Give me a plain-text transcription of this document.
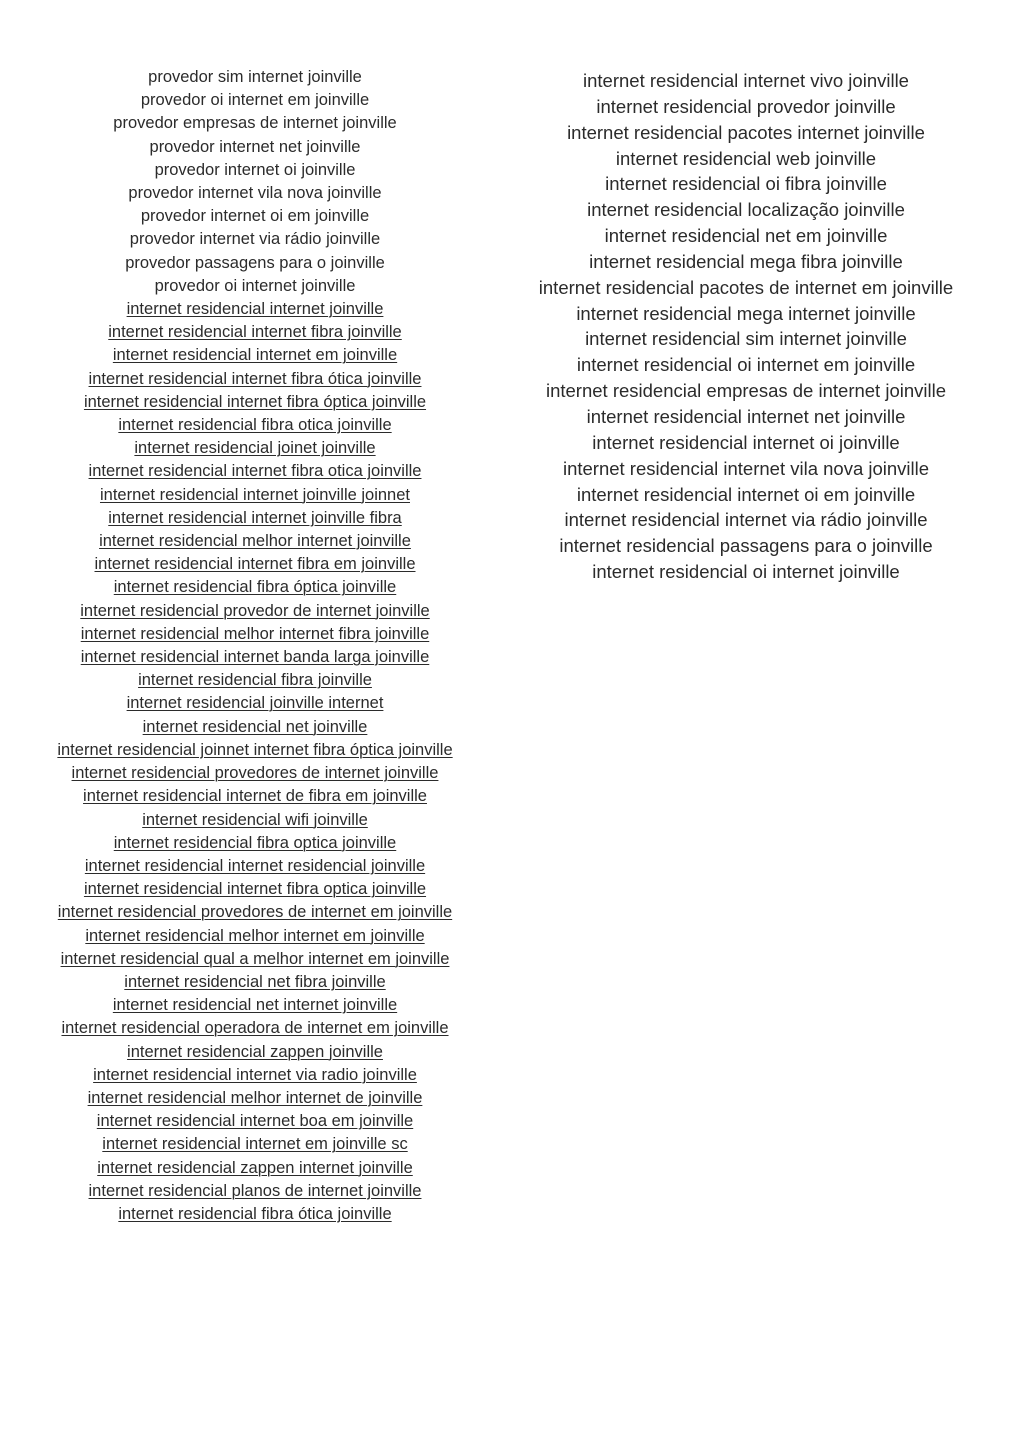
provedor sim internet joinville
provedor oi internet em joinville
provedor empresas de internet joinville
provedor internet net joinville
provedor internet oi joinville
provedor internet vila nova joinville
provedor internet oi em joinville
provedor internet via rádio joinville
provedor passagens para o joinville
provedor oi internet joinville
internet residencial internet joinville
internet residencial internet fibra joinville
internet residencial internet em joinville
internet residencial internet fibra ótica joinville
internet residencial internet fibra óptica joinville
internet residencial fibra otica joinville
internet residencial joinet joinville
internet residencial internet fibra otica joinville
internet residencial internet joinville joinnet
internet residencial internet joinville fibra
internet residencial melhor internet joinville
internet residencial internet fibra em joinville
internet residencial fibra óptica joinville
internet residencial provedor de internet joinville
internet residencial melhor internet fibra joinville
internet residencial internet banda larga joinville
internet residencial fibra joinville
internet residencial joinville internet
internet residencial net joinville
internet residencial joinnet internet fibra óptica joinville
internet residencial provedores de internet joinville
internet residencial internet de fibra em joinville
internet residencial wifi joinville
internet residencial fibra optica joinville
internet residencial internet residencial joinville
internet residencial internet fibra optica joinville
internet residencial provedores de internet em joinville
internet residencial melhor internet em joinville
internet residencial qual a melhor internet em joinville
internet residencial net fibra joinville
internet residencial net internet joinville
internet residencial operadora de internet em joinville
internet residencial zappen joinville
internet residencial internet via radio joinville
internet residencial melhor internet de joinville
internet residencial internet boa em joinville
internet residencial internet em joinville sc
internet residencial zappen internet joinville
internet residencial planos de internet joinville
internet residencial fibra ótica joinville
internet residencial internet vivo joinville
internet residencial provedor joinville
internet residencial pacotes internet joinville
internet residencial web joinville
internet residencial oi fibra joinville
internet residencial localização joinville
internet residencial net em joinville
internet residencial mega fibra joinville
internet residencial pacotes de internet em joinville
internet residencial mega internet joinville
internet residencial sim internet joinville
internet residencial oi internet em joinville
internet residencial empresas de internet joinville
internet residencial internet net joinville
internet residencial internet oi joinville
internet residencial internet vila nova joinville
internet residencial internet oi em joinville
internet residencial internet via rádio joinville
internet residencial passagens para o joinville
internet residencial oi internet joinville
